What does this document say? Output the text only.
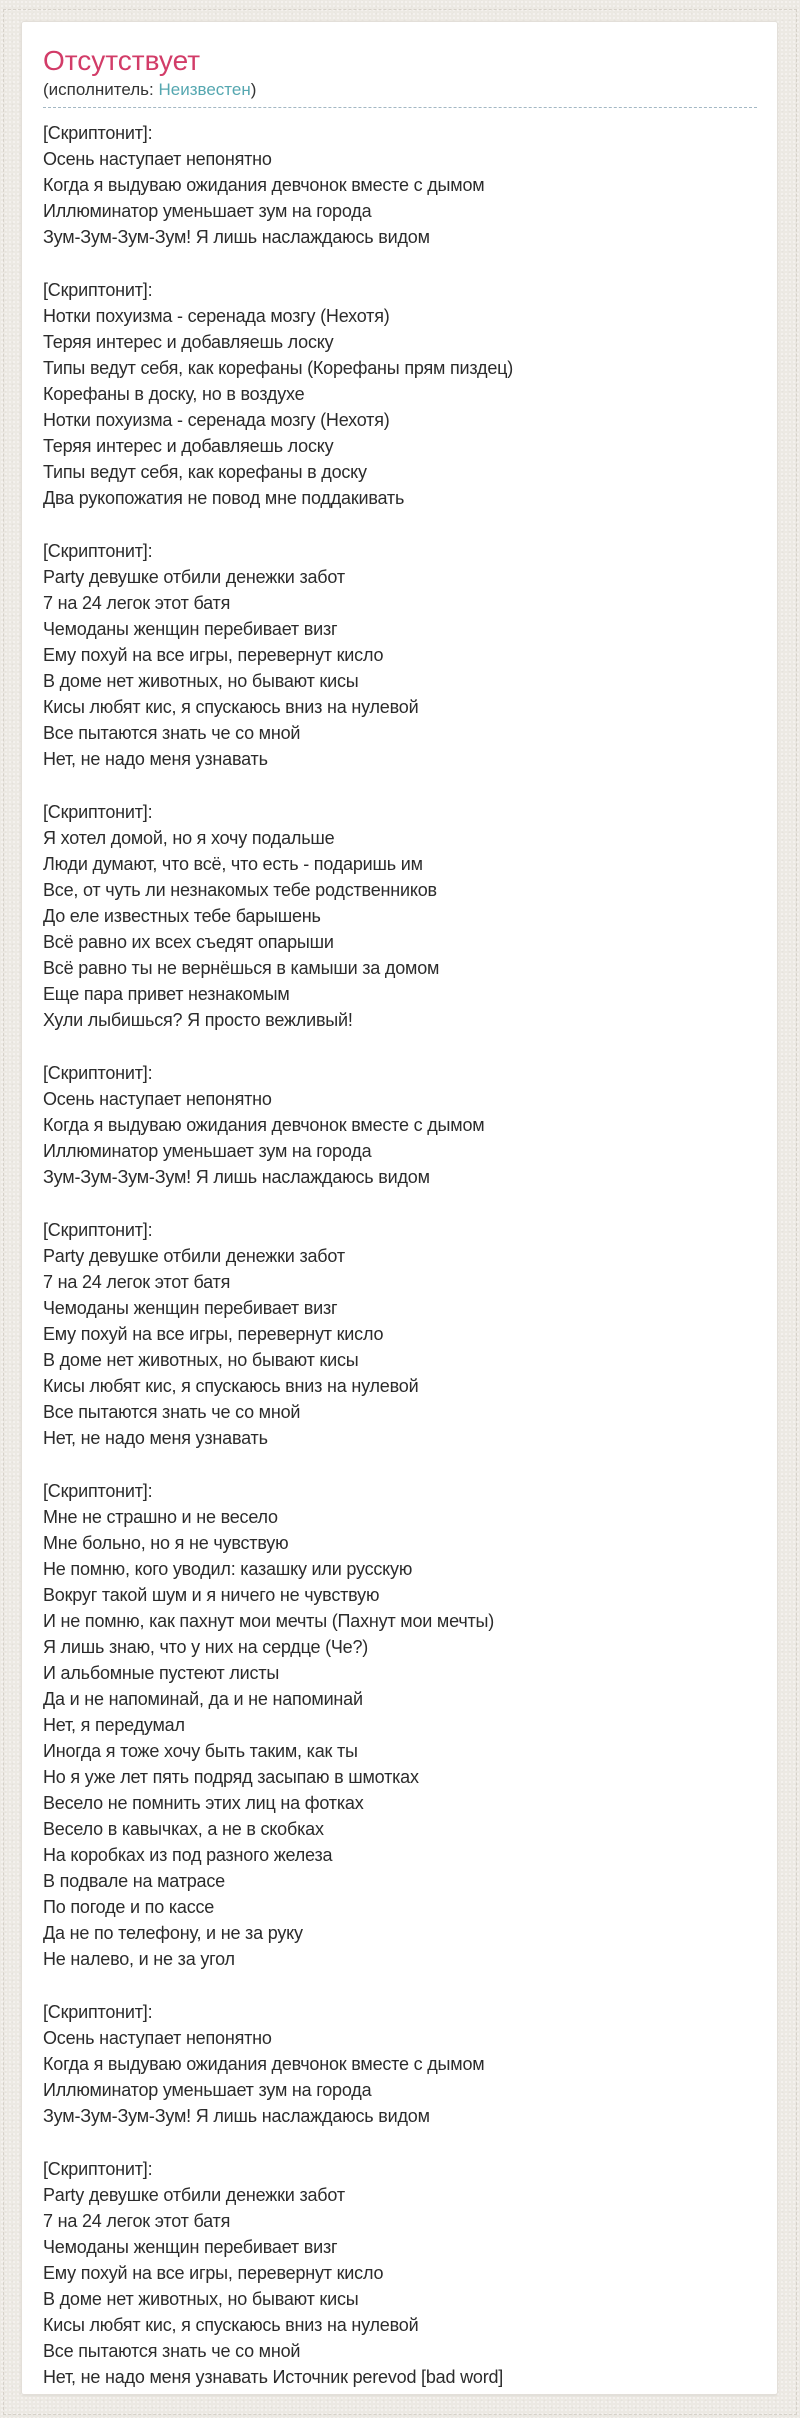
Отсутствует
(исполнитель: Неизвестен)

[Скриптонит]:
Осень наступает непонятно
Когда я выдуваю ожидания девчонок вместе с дымом
Иллюминатор уменьшает зум на города
Зум-Зум-Зум-Зум! Я лишь наслаждаюсь видом

[Скриптонит]:
Нотки похуизма - серенада мозгу (Нехотя)
Теряя интерес и добавляешь лоску
Типы ведут себя, как корефаны (Корефаны прям пиздец)
Корефаны в доску, но в воздухе
Нотки похуизма - серенада мозгу (Нехотя)
Теряя интерес и добавляешь лоску
Типы ведут себя, как корефаны в доску
Два рукопожатия не повод мне поддакивать

[Скриптонит]:
Party девушке отбили денежки забот
7 на 24 легок этот батя
Чемоданы женщин перебивает визг
Ему похуй на все игры, перевернут кисло
В доме нет животных, но бывают кисы
Кисы любят кис, я спускаюсь вниз на нулевой
Все пытаются знать че со мной
Нет, не надо меня узнавать

[Скриптонит]:
Я хотел домой, но я хочу подальше
Люди думают, что всё, что есть - подаришь им
Все, от чуть ли незнакомых тебе родственников
До еле известных тебе барышень
Всё равно их всех съедят опарыши
Всё равно ты не вернёшься в камыши за домом
Еще пара привет незнакомым
Хули лыбишься? Я просто вежливый!

[Скриптонит]:
Осень наступает непонятно
Когда я выдуваю ожидания девчонок вместе с дымом
Иллюминатор уменьшает зум на города
Зум-Зум-Зум-Зум! Я лишь наслаждаюсь видом

[Скриптонит]:
Party девушке отбили денежки забот
7 на 24 легок этот батя
Чемоданы женщин перебивает визг
Ему похуй на все игры, перевернут кисло
В доме нет животных, но бывают кисы
Кисы любят кис, я спускаюсь вниз на нулевой
Все пытаются знать че со мной
Нет, не надо меня узнавать

[Скриптонит]:
Мне не страшно и не весело
Мне больно, но я не чувствую
Не помню, кого уводил: казашку или русскую
Вокруг такой шум и я ничего не чувствую
И не помню, как пахнут мои мечты (Пахнут мои мечты)
Я лишь знаю, что у них на сердце (Че?)
И альбомные пустеют листы
Да и не напоминай, да и не напоминай
Нет, я передумал
Иногда я тоже хочу быть таким, как ты
Но я уже лет пять подряд засыпаю в шмотках
Весело не помнить этих лиц на фотках
Весело в кавычках, а не в скобках
На коробках из под разного железа
В подвале на матрасе
По погоде и по кассе
Да не по телефону, и не за руку
Не налево, и не за угол

[Скриптонит]:
Осень наступает непонятно
Когда я выдуваю ожидания девчонок вместе с дымом
Иллюминатор уменьшает зум на города
Зум-Зум-Зум-Зум! Я лишь наслаждаюсь видом

[Скриптонит]:
Party девушке отбили денежки забот
7 на 24 легок этот батя
Чемоданы женщин перебивает визг
Ему похуй на все игры, перевернут кисло
В доме нет животных, но бывают кисы
Кисы любят кис, я спускаюсь вниз на нулевой
Все пытаются знать че со мной
Нет, не надо меня узнавать Источник perevod [bad word]
